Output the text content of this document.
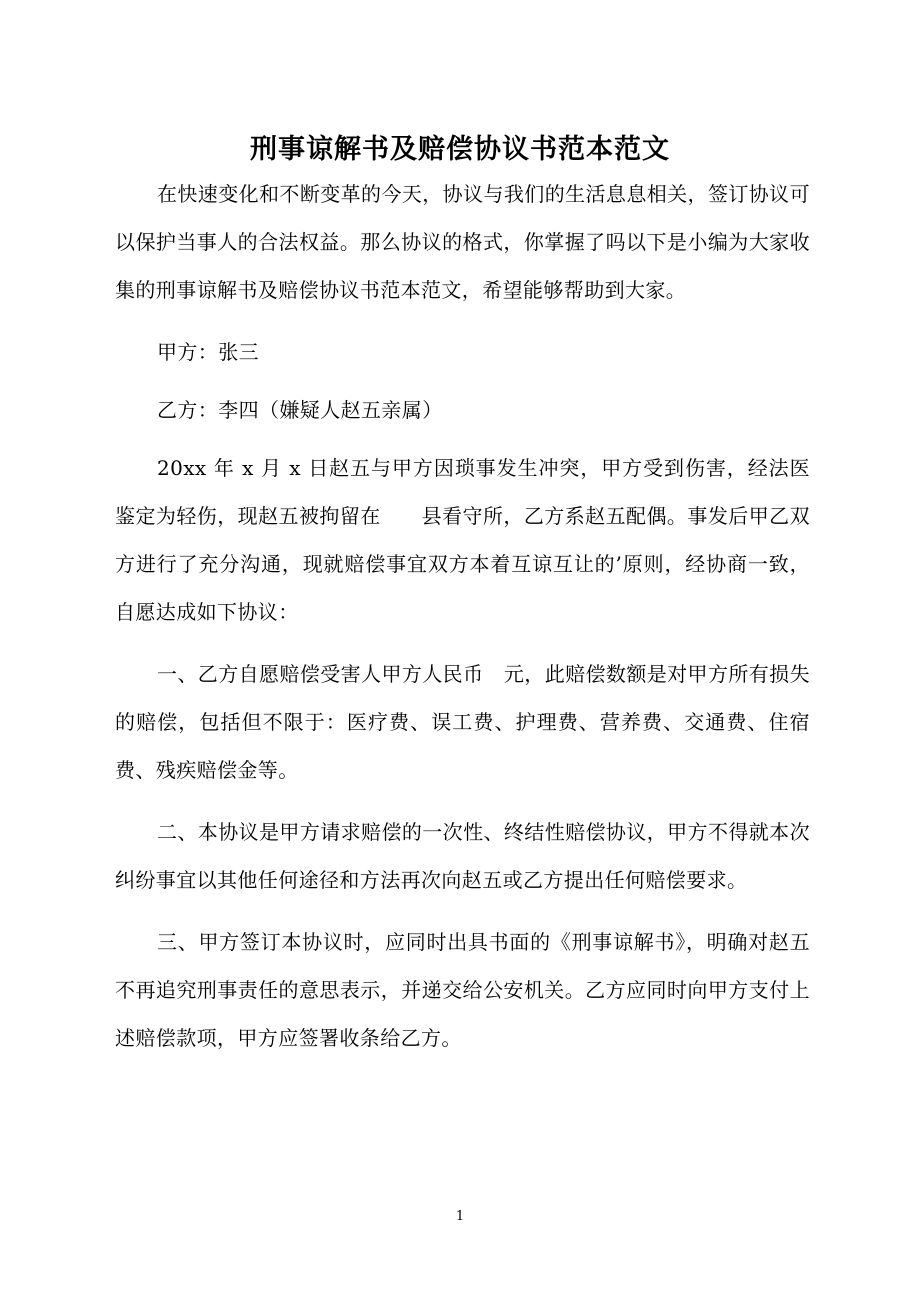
刑事谅解书及赔偿协议书范本范文

在快速变化和不断变革的今天，协议与我们的生活息息相关，签订协议可以保护当事人的合法权益。那么协议的格式，你掌握了吗以下是小编为大家收集的刑事谅解书及赔偿协议书范本范文，希望能够帮助到大家。

甲方：张三

乙方：李四（嫌疑人赵五亲属）

20xx 年 x 月 x 日赵五与甲方因琐事发生冲突，甲方受到伤害，经法医鉴定为轻伤，现赵五被拘留在　　县看守所，乙方系赵五配偶。事发后甲乙双方进行了充分沟通，现就赔偿事宜双方本着互谅互让的’原则，经协商一致，自愿达成如下协议：

一、乙方自愿赔偿受害人甲方人民币　元，此赔偿数额是对甲方所有损失的赔偿，包括但不限于：医疗费、误工费、护理费、营养费、交通费、住宿费、残疾赔偿金等。

二、本协议是甲方请求赔偿的一次性、终结性赔偿协议，甲方不得就本次纠纷事宜以其他任何途径和方法再次向赵五或乙方提出任何赔偿要求。

三、甲方签订本协议时，应同时出具书面的《刑事谅解书》，明确对赵五不再追究刑事责任的意思表示，并递交给公安机关。乙方应同时向甲方支付上述赔偿款项，甲方应签署收条给乙方。

1
